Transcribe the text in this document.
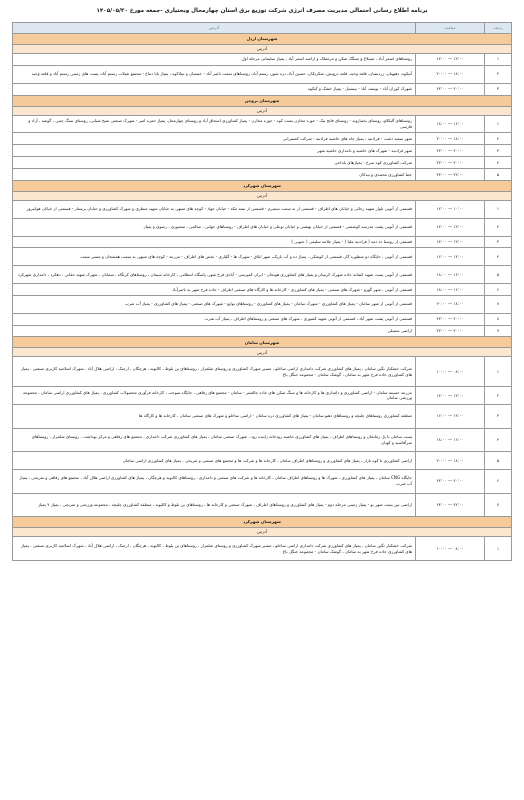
برنامه اطلاع رسانی احتمالی مدیریت مصرف انرژی شرکت توزیع برق استان چهارمحال وبختیاری -جمعه مورخ ۱۴۰۵/۰۵/۳۰
ردیف	ساعت	آدرس
شهرستان اردل		
آدرس		
۱	۱۴:۰۰ — ۱۲:۰۰	روستاهای اسمر آباد ، شیبلاغ و سنگک شکن و مرغملک و ارامنه اسمر آباد ، پمپاژ سلیمانی مرحله اول
۲	۲۰:۰۰ — ۱۸:۰۰	آتیکوه، دهپهنان، زردیشان، قلعه وحید، قلعه درویش، شکرنکان، حسین آباد، دره شور، رستم آباد، روستاهای سمت ناصر آباد - خستیان و تیبلاکوه ، پمپاژ بابا دماع - مجتمع شیلات رستم آباد، پست های زمینی رستم آباد و قلعه وحید
۳	۲۲:۰۰ — ۲۰:۰۰	شهرک کوران آباد - یوسف آباد - بیستیل - پمپاژ خشک و کبکوه
شهرستان بروجن		
آدرس		
۱	۱۸:۰۰ — ۱۶:۰۰	روستاهای آلیکلاو، روستای بختیاروند - روستای فاتح بیک - حوزه مخازن پشت کوه - حوزه مخازن - پمپاژ کشاورزی اسحاق آباد و روستای چهارمحل، پمپاژ حمزه امیر - شهرک صنعتی شیخ شبانی، روستای سنگ چینی ، گوشه ، آزاد و فارسی
۲	۲۰:۰۰ — ۱۸:۰۰	شهر سفید دشت - فرادنبه ، پمپاژ چاه های حاشیه فرادنبه - شرکت کشتیرانی
۳	۲۲:۰۰ — ۲۰:۰۰	شهر فرادنبه - شهرک های حاشیه و دامداری حاشیه شهر
۴	۲۲:۰۰ — ۲۰:۰۰	شرکت کشاورزی کوه سرخ - پمپاژهای بلداجی
۵	۲۴:۰۰ — ۲۲:۰۰	خط کشاورزی محمدی و بیدکان
شهرستان شهرکرد		
آدرس		
۱	۱۲:۰۰ — ۱۰:۰۰	قسمتی از آتونی بلوار شهید رجائی و خیابان های اطراف - قسمتی از به سمت سمیرم - قسمتی از نیمه مکه - خیابان جهاد - کوچه های منتهی به خیابان شهید منظری و شهرک کشاورزی و خیابان پرستار - قسمتی از خیابان هوانیروز
۲	۱۴:۰۰ — ۱۲:۰۰	قسمتی از آتونی پشت مدرسه کوششی - قسمتی از خیابان بهشتی و خیابان بوعلی و خیابان های اطراف - روستاهای جهانی ، صالحی ، منصوری ، رضوی و پمپاژ
۳	۱۴:۰۰ — ۱۲:۰۰	قسمتی از روستا ده دمه ( فرادنبه علیا ) - پمپاژ علامه سلیمی ( جنوبی )
۴	۱۶:۰۰ — ۱۴:۰۰	قسمتی از آتونی ، جایگاه دو منظوره گاز، قسمتی از کوشکی ، پمپاژ ده و آب باریک، شهر ایلاق - شهرک ها - گلیاری - بخش های اطراف - مزرعه - کوچه های منتهی به سمت هفشجان و مسیر سمت
۵	۱۸:۰۰ — ۱۶:۰۰	قسمتی از آتونی پست شهید کشانه جاده شهرک کربینان و پمپاژ های کشاورزی هونجان - ایران کمپرسی - آبادی فرخ شهر، پاسگاه انتظامی ، کارخانه سیمان ، روستاهای کرتگاه ، سمانان ، شهرک شهید حقانی ، دهکرد ، دامداری شهرکرد
۶	۱۸:۰۰ — ۱۶:۰۰	قسمتی از آتونی ، شهر گهرو - شهرک های صنعتی - پمپاژ های کشاورزی - کارخانه ها و کارگاه های صنعتی اطراف - جاده فرخ شهر به ناصرآباد
۷	۲۰:۰۰ — ۱۸:۰۰	قسمتی از آتونی از شهر سامان - پمپاژ های کشاورزی - شهرک سامان - پمپاژ های کشاورزی - روستاهای توابع - شهرک های صنعتی - پمپاژ های کشاورزی - پمپاژ آب شرب
۸	۲۲:۰۰ — ۲۰:۰۰	قسمتی از آتونی پشت شهر آباد ، قسمتی از آتونی شهید کشوری ، شهرک های صنعتی و روستاهای اطراف ، پمپاژ آب شرب
۹	۲۲:۰۰ — ۲۰:۰۰	اراضی سمیلی
شهرستان سامان		
آدرس		
۱	۱۰:۰۰ — ۰۸:۰۰	شرکت خشکبار نگین سامان ، پمپاژ های کشاورزی شرکت دامداری اراضی ساخلو ، مسیر شهرک کشاورزی و روستای شلمزار ، روستاهای بن بلوط ، کالیوند ، هرچگان ، ارجنک ، اراضی هلال آباد ، شهرک اسلامیه کاربری صنعتی ، پمپاژ های کشاورزی جاده فرخ شهر به سامان ، گوشک سامان - مجموعه جنگل باغ
۲	۱۴:۰۰ — ۱۲:۰۰	مزرعه حسینه سامان - اراضی کشاورزی و دامداری ها و کارخانه ها و سنگ شکن های جاده چالشتر - سامان - مجتمع های رفاهی ، جایگاه سوخت ، کارخانه فرآوری محصولات کشاورزی ، پمپاژ های کشاورزی اراضی سامان ، مجموعه ورزشی سامان
۳	۱۶:۰۰ — ۱۴:۰۰	منطقه کشاورزی روستاهای چلیچه و روستاهای دهنو سامان - پمپاژ های کشاورزی دره سامان - اراضی ساخلو و شهرک های صنعتی سامان ، کارخانه ها و کارگاه ها
۴	۱۸:۰۰ — ۱۶:۰۰	پست سامان تا پل زمانخان و روستاهای اطراف ، پمپاژ های کشاورزی حاشیه رودخانه زاینده رود ، شهرک صنعتی سامان ، پمپاژ های کشاورزی شرکت دامداری ، مجتمع های رفاهی و مرکز بهداشت ، روستای شلمزار ، روستاهای سرآقاسید و کهیان
۵	۲۰:۰۰ — ۱۸:۰۰	اراضی کشاورزی تا کوه تاراز ، پمپاژ های کشاورزی و روستاهای اطراف سامان ، کارخانه ها و شرکت ها و مجتمع های صنعتی و تفریحی ، پمپاژ های کشاورزی اراضی سامان
۶	۲۲:۰۰ — ۲۰:۰۰	جایگاه CNG سامان ، پمپاژ های کشاورزی ، شهرک ها و روستاهای اطراف سامان ، کارخانه ها و شرکت های صنعتی و دامداری ، روستاهای کالیوند و هرچگان ، پمپاژ های کشاورزی اراضی هلال آباد ، مجتمع های رفاهی و تفریحی ، پمپاژ آب شرب
۷	۲۴:۰۰ — ۲۲:۰۰	اراضی بین پست شهر نو - پمپاژ زمینی مرحله دوم - پمپاژ های کشاورزی و روستاهای اطراف ، شهرک صنعتی و کارخانه ها ، روستاهای بن بلوط و کالیوند ، منطقه کشاورزی چلیچه ، مجموعه ورزشی و تفریحی ، پمپاژ ۷ پمپاژ
شهرستان شهرکرد		
آدرس		
۱	۱۰:۰۰ — ۰۸:۰۰	شرکت خشکبار نگین سامان ، پمپاژ های کشاورزی شرکت دامداری اراضی ساخلو ، مسیر شهرک کشاورزی و روستای شلمزار ، روستاهای بن بلوط ، کالیوند ، هرچگان ، ارجنک ، اراضی هلال آباد ، شهرک اسلامیه کاربری صنعتی ، پمپاژ های کشاورزی جاده فرخ شهر به سامان ، گوشک سامان - مجموعه جنگل باغ
